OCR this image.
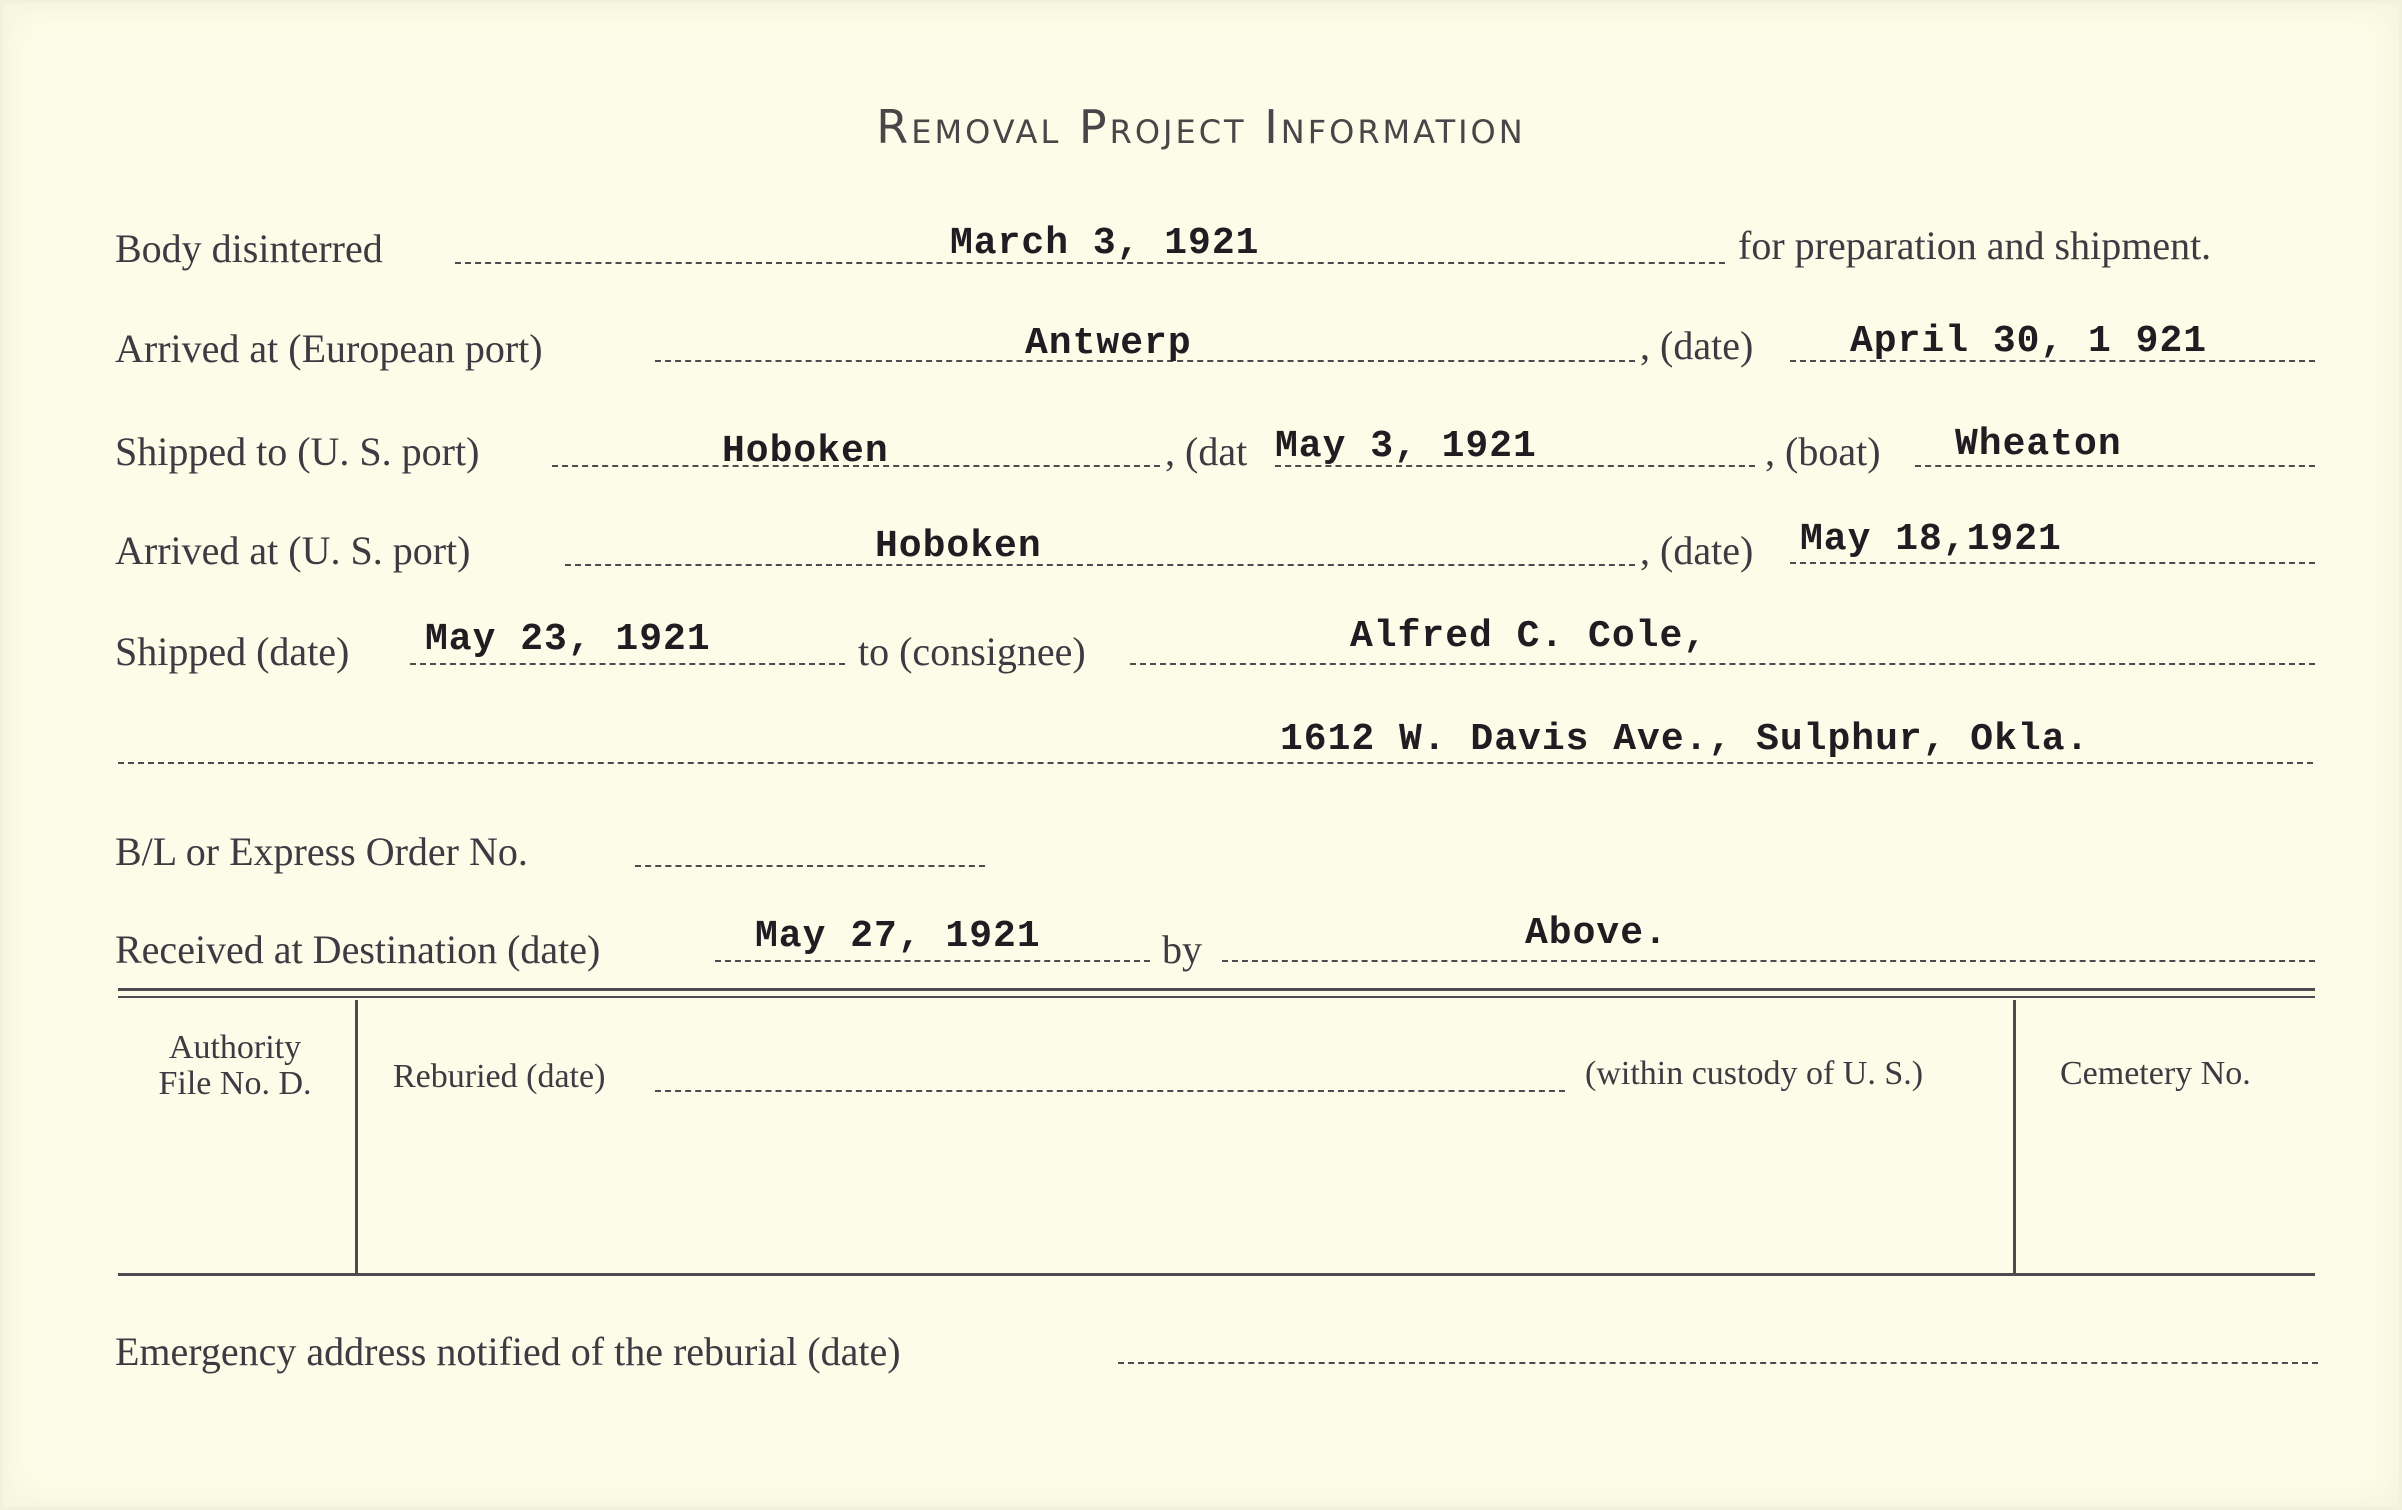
Removal Project Information
Body disinterred	March 3, 1921	for preparation and shipment.
Arrived at (European port)	Antwerp	, (date)	April 30, 1 921
Shipped to (U. S. port)	Hoboken	, (dat May 3, 1921	, (boat) Wheaton
Arrived at (U. S. port)	Hoboken	, (date) May 18,1921
Shipped (date) May 23, 1921	to (consignee)	Alfred C. Cole,
1612 W. Davis Ave., Sulphur, Okla.
B/L or Express Order No.
Received at Destination (date)	May 27, 1921	by	Above.
Authority
File No. D.	Reburied (date)	(within custody of U. S.)	Cemetery No.
Emergency address notified of the reburial (date)
